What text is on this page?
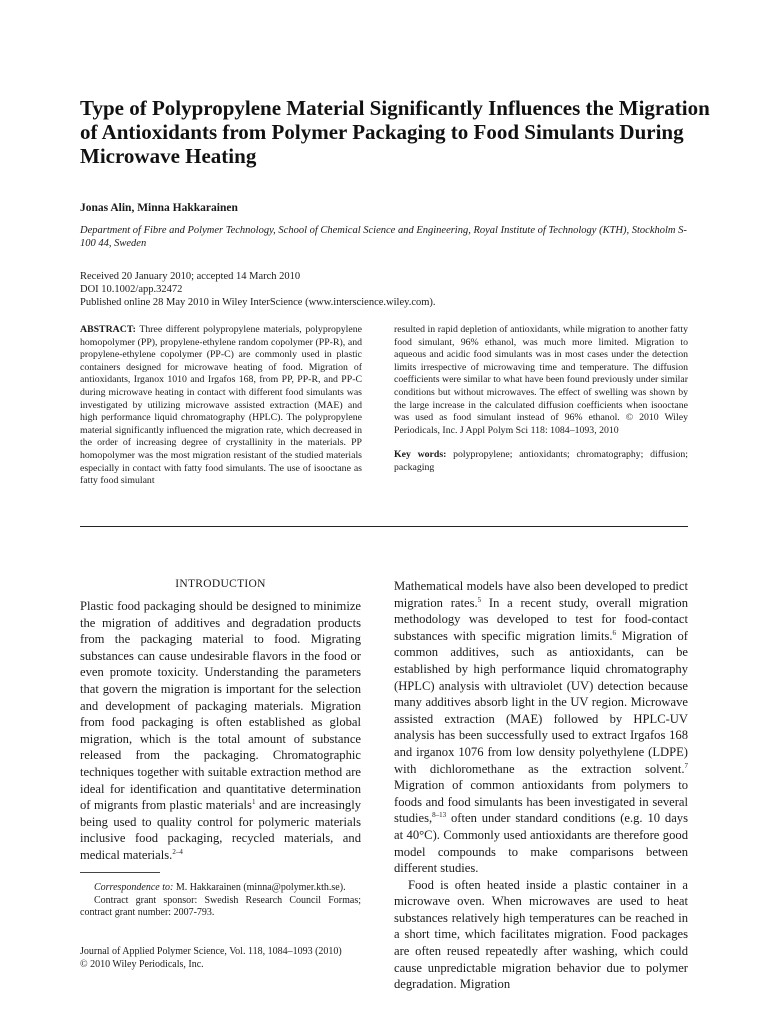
Type of Polypropylene Material Significantly Influences the Migration of Antioxidants from Polymer Packaging to Food Simulants During Microwave Heating
Jonas Alin, Minna Hakkarainen
Department of Fibre and Polymer Technology, School of Chemical Science and Engineering, Royal Institute of Technology (KTH), Stockholm S-100 44, Sweden
Received 20 January 2010; accepted 14 March 2010
DOI 10.1002/app.32472
Published online 28 May 2010 in Wiley InterScience (www.interscience.wiley.com).
ABSTRACT: Three different polypropylene materials, polypropylene homopolymer (PP), propylene-ethylene random copolymer (PP-R), and propylene-ethylene copolymer (PP-C) are commonly used in plastic containers designed for microwave heating of food. Migration of antioxidants, Irganox 1010 and Irgafos 168, from PP, PP-R, and PP-C during microwave heating in contact with different food simulants was investigated by utilizing microwave assisted extraction (MAE) and high performance liquid chromatography (HPLC). The polypropylene material significantly influenced the migration rate, which decreased in the order of increasing degree of crystallinity in the materials. PP homopolymer was the most migration resistant of the studied materials especially in contact with fatty food simulants. The use of isooctane as fatty food simulant
resulted in rapid depletion of antioxidants, while migration to another fatty food simulant, 96% ethanol, was much more limited. Migration to aqueous and acidic food simulants was in most cases under the detection limits irrespective of microwaving time and temperature. The diffusion coefficients were similar to what have been found previously under similar conditions but without microwaves. The effect of swelling was shown by the large increase in the calculated diffusion coefficients when isooctane was used as food simulant instead of 96% ethanol. © 2010 Wiley Periodicals, Inc. J Appl Polym Sci 118: 1084–1093, 2010
Key words: polypropylene; antioxidants; chromatography; diffusion; packaging
INTRODUCTION

Plastic food packaging should be designed to minimize the migration of additives and degradation products from the packaging material to food. Migrating substances can cause undesirable flavors in the food or even promote toxicity. Understanding the parameters that govern the migration is important for the selection and development of packaging materials. Migration from food packaging is often established as global migration, which is the total amount of substance released from the packaging. Chromatographic techniques together with suitable extraction method are ideal for identification and quantitative determination of migrants from plastic materials$^1$ and are increasingly being used to quality control for polymeric materials inclusive food packaging, recycled materials, and medical materials.$^{2-4}$

Mathematical models have also been developed to predict migration rates.$^5$ In a recent study, overall migration methodology was developed to test for food-contact substances with specific migration limits.$^6$ Migration of common additives, such as antioxidants, can be established by high performance liquid chromatography (HPLC) analysis with ultraviolet (UV) detection because many additives absorb light in the UV region. Microwave assisted extraction (MAE) followed by HPLC-UV analysis has been successfully used to extract Irgafos 168 and irganox 1076 from low density polyethylene (LDPE) with dichloromethane as the extraction solvent.$^7$ Migration of common antioxidants from polymers to foods and food simulants has been investigated in several studies,$^{8-13}$ often under standard conditions (e.g. 10 days at 40°C). Commonly used antioxidants are therefore good model compounds to make comparisons between different studies.

Food is often heated inside a plastic container in a microwave oven. When microwaves are used to heat substances relatively high temperatures can be reached in a short time, which facilitates migration. Food packages are often reused repeatedly after washing, which could cause unpredictable migration behavior due to polymer degradation. Migration

Correspondence to: M. Hakkarainen (minna@polymer.kth.se).

Contract grant sponsor: Swedish Research Council Formas; contract grant number: 2007-793.

Journal of Applied Polymer Science, Vol. 118, 1084–1093 (2010)
© 2010 Wiley Periodicals, Inc.
